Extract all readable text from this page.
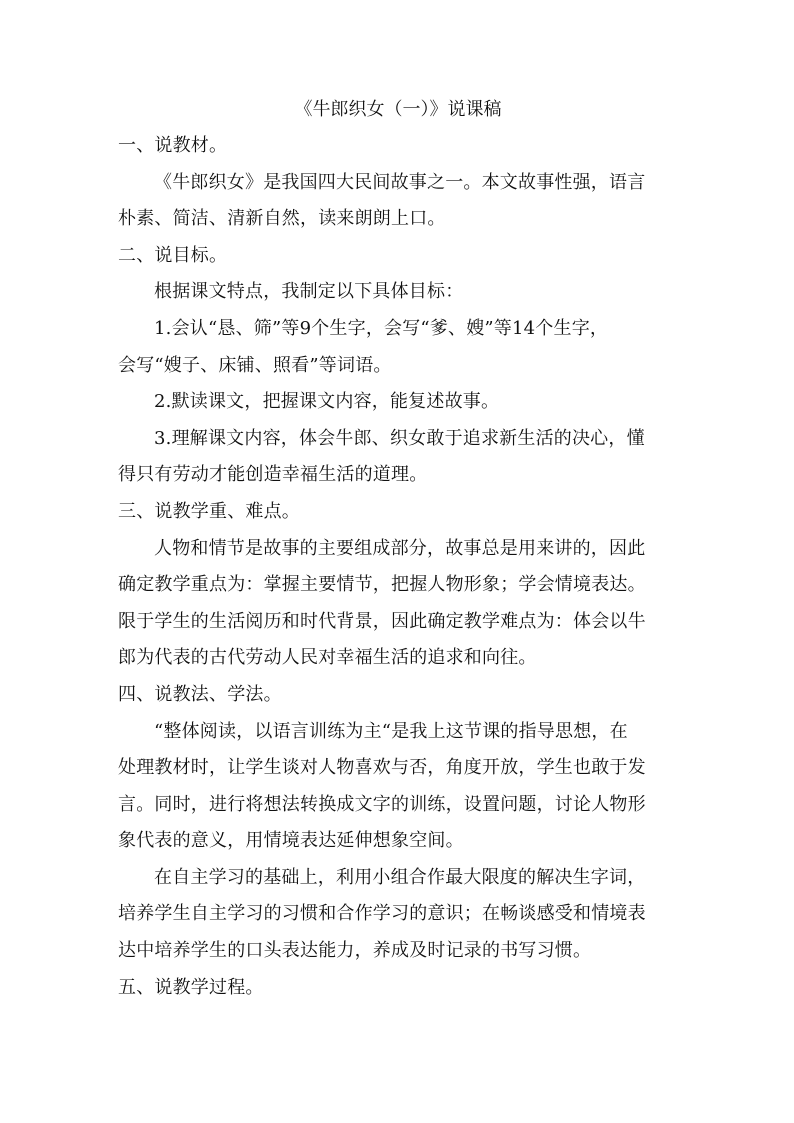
《牛郎织女（一）》说课稿

一、说教材。

《牛郎织女》是我国四大民间故事之一。本文故事性强，语言

朴素、简洁、清新自然，读来朗朗上口。

二、说目标。

根据课文特点，我制定以下具体目标：

1.会认“恳、筛”等9个生字，会写“爹、嫂”等14个生字，

会写“嫂子、床铺、照看”等词语。

2.默读课文，把握课文内容，能复述故事。

3.理解课文内容，体会牛郎、织女敢于追求新生活的决心，懂

得只有劳动才能创造幸福生活的道理。

三、说教学重、难点。

人物和情节是故事的主要组成部分，故事总是用来讲的，因此

确定教学重点为：掌握主要情节，把握人物形象；学会情境表达。

限于学生的生活阅历和时代背景，因此确定教学难点为：体会以牛

郎为代表的古代劳动人民对幸福生活的追求和向往。

四、说教法、学法。

“整体阅读，以语言训练为主“是我上这节课的指导思想，在

处理教材时，让学生谈对人物喜欢与否，角度开放，学生也敢于发

言。同时，进行将想法转换成文字的训练，设置问题，讨论人物形

象代表的意义，用情境表达延伸想象空间。

在自主学习的基础上，利用小组合作最大限度的解决生字词，

培养学生自主学习的习惯和合作学习的意识；在畅谈感受和情境表

达中培养学生的口头表达能力，养成及时记录的书写习惯。

五、说教学过程。
